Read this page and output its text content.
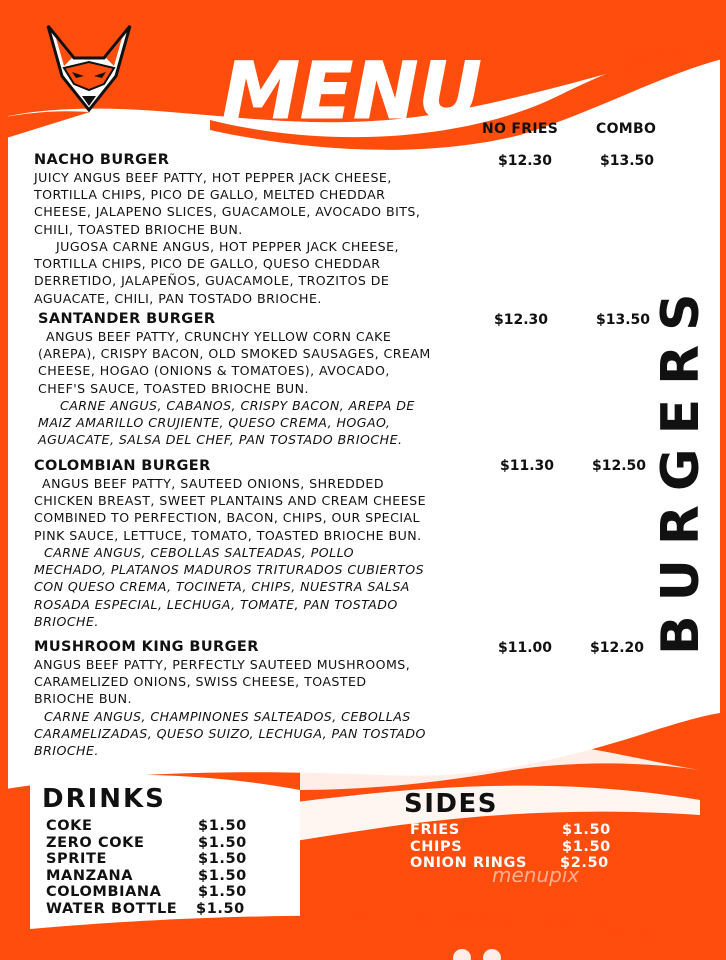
MENU NO FRIES	COMBO
NACHO BURGER	$12.30	$13.50
JUICY ANGUS BEEF PATTY, HOT PEPPER JACK CHEESE,
TORTILLA CHIPS, PICO DE GALLO, MELTED CHEDDAR
CHEESE, JALAPENO SLICES, GUACAMOLE, AVOCADO BITS,
CHILI, TOASTED BRIOCHE BUN.
JUGOSA CARNE ANGUS, HOT PEPPER JACK CHEESE,
TORTILLA CHIPS, PICO DE GALLO, QUESO CHEDDAR
DERRETIDO, JALAPEÑOS, GUACAMOLE, TROZITOS DE
AGUACATE, CHILI, PAN TOSTADO BRIOCHE.
SANTANDER BURGER	$12.30	$13.50
ANGUS BEEF PATTY, CRUNCHY YELLOW CORN CAKE
(AREPA), CRISPY BACON, OLD SMOKED SAUSAGES, CREAM
CHEESE, HOGAO (ONIONS & TOMATOES), AVOCADO,
CHEF'S SAUCE, TOASTED BRIOCHE BUN.
CARNE ANGUS, CABANOS, CRISPY BACON, AREPA DE
MAIZ AMARILLO CRUJIENTE, QUESO CREMA, HOGAO,
AGUACATE, SALSA DEL CHEF, PAN TOSTADO BRIOCHE.
COLOMBIAN BURGER	$11.30	$12.50
ANGUS BEEF PATTY, SAUTEED ONIONS, SHREDDED
CHICKEN BREAST, SWEET PLANTAINS AND CREAM CHEESE
COMBINED TO PERFECTION, BACON, CHIPS, OUR SPECIAL
PINK SAUCE, LETTUCE, TOMATO, TOASTED BRIOCHE BUN.
CARNE ANGUS, CEBOLLAS SALTEADAS, POLLO
MECHADO, PLATANOS MADUROS TRITURADOS CUBIERTOS
CON QUESO CREMA, TOCINETA, CHIPS, NUESTRA SALSA
ROSADA ESPECIAL, LECHUGA, TOMATE, PAN TOSTADO
BRIOCHE.
MUSHROOM KING BURGER	$11.00	$12.20
ANGUS BEEF PATTY, PERFECTLY SAUTEED MUSHROOMS,
CARAMELIZED ONIONS, SWISS CHEESE, TOASTED
BRIOCHE BUN.
CARNE ANGUS, CHAMPINONES SALTEADOS, CEBOLLAS
CARAMELIZADAS, QUESO SUIZO, LECHUGA, PAN TOSTADO
BRIOCHE.
BURGERS
DRINKS
COKE	$1.50
ZERO COKE	$1.50
SPRITE	$1.50
MANZANA	$1.50
COLOMBIANA	$1.50
WATER BOTTLE	$1.50
SIDES
FRIES	$1.50
CHIPS	$1.50
ONION RINGS	$2.50
menupix
